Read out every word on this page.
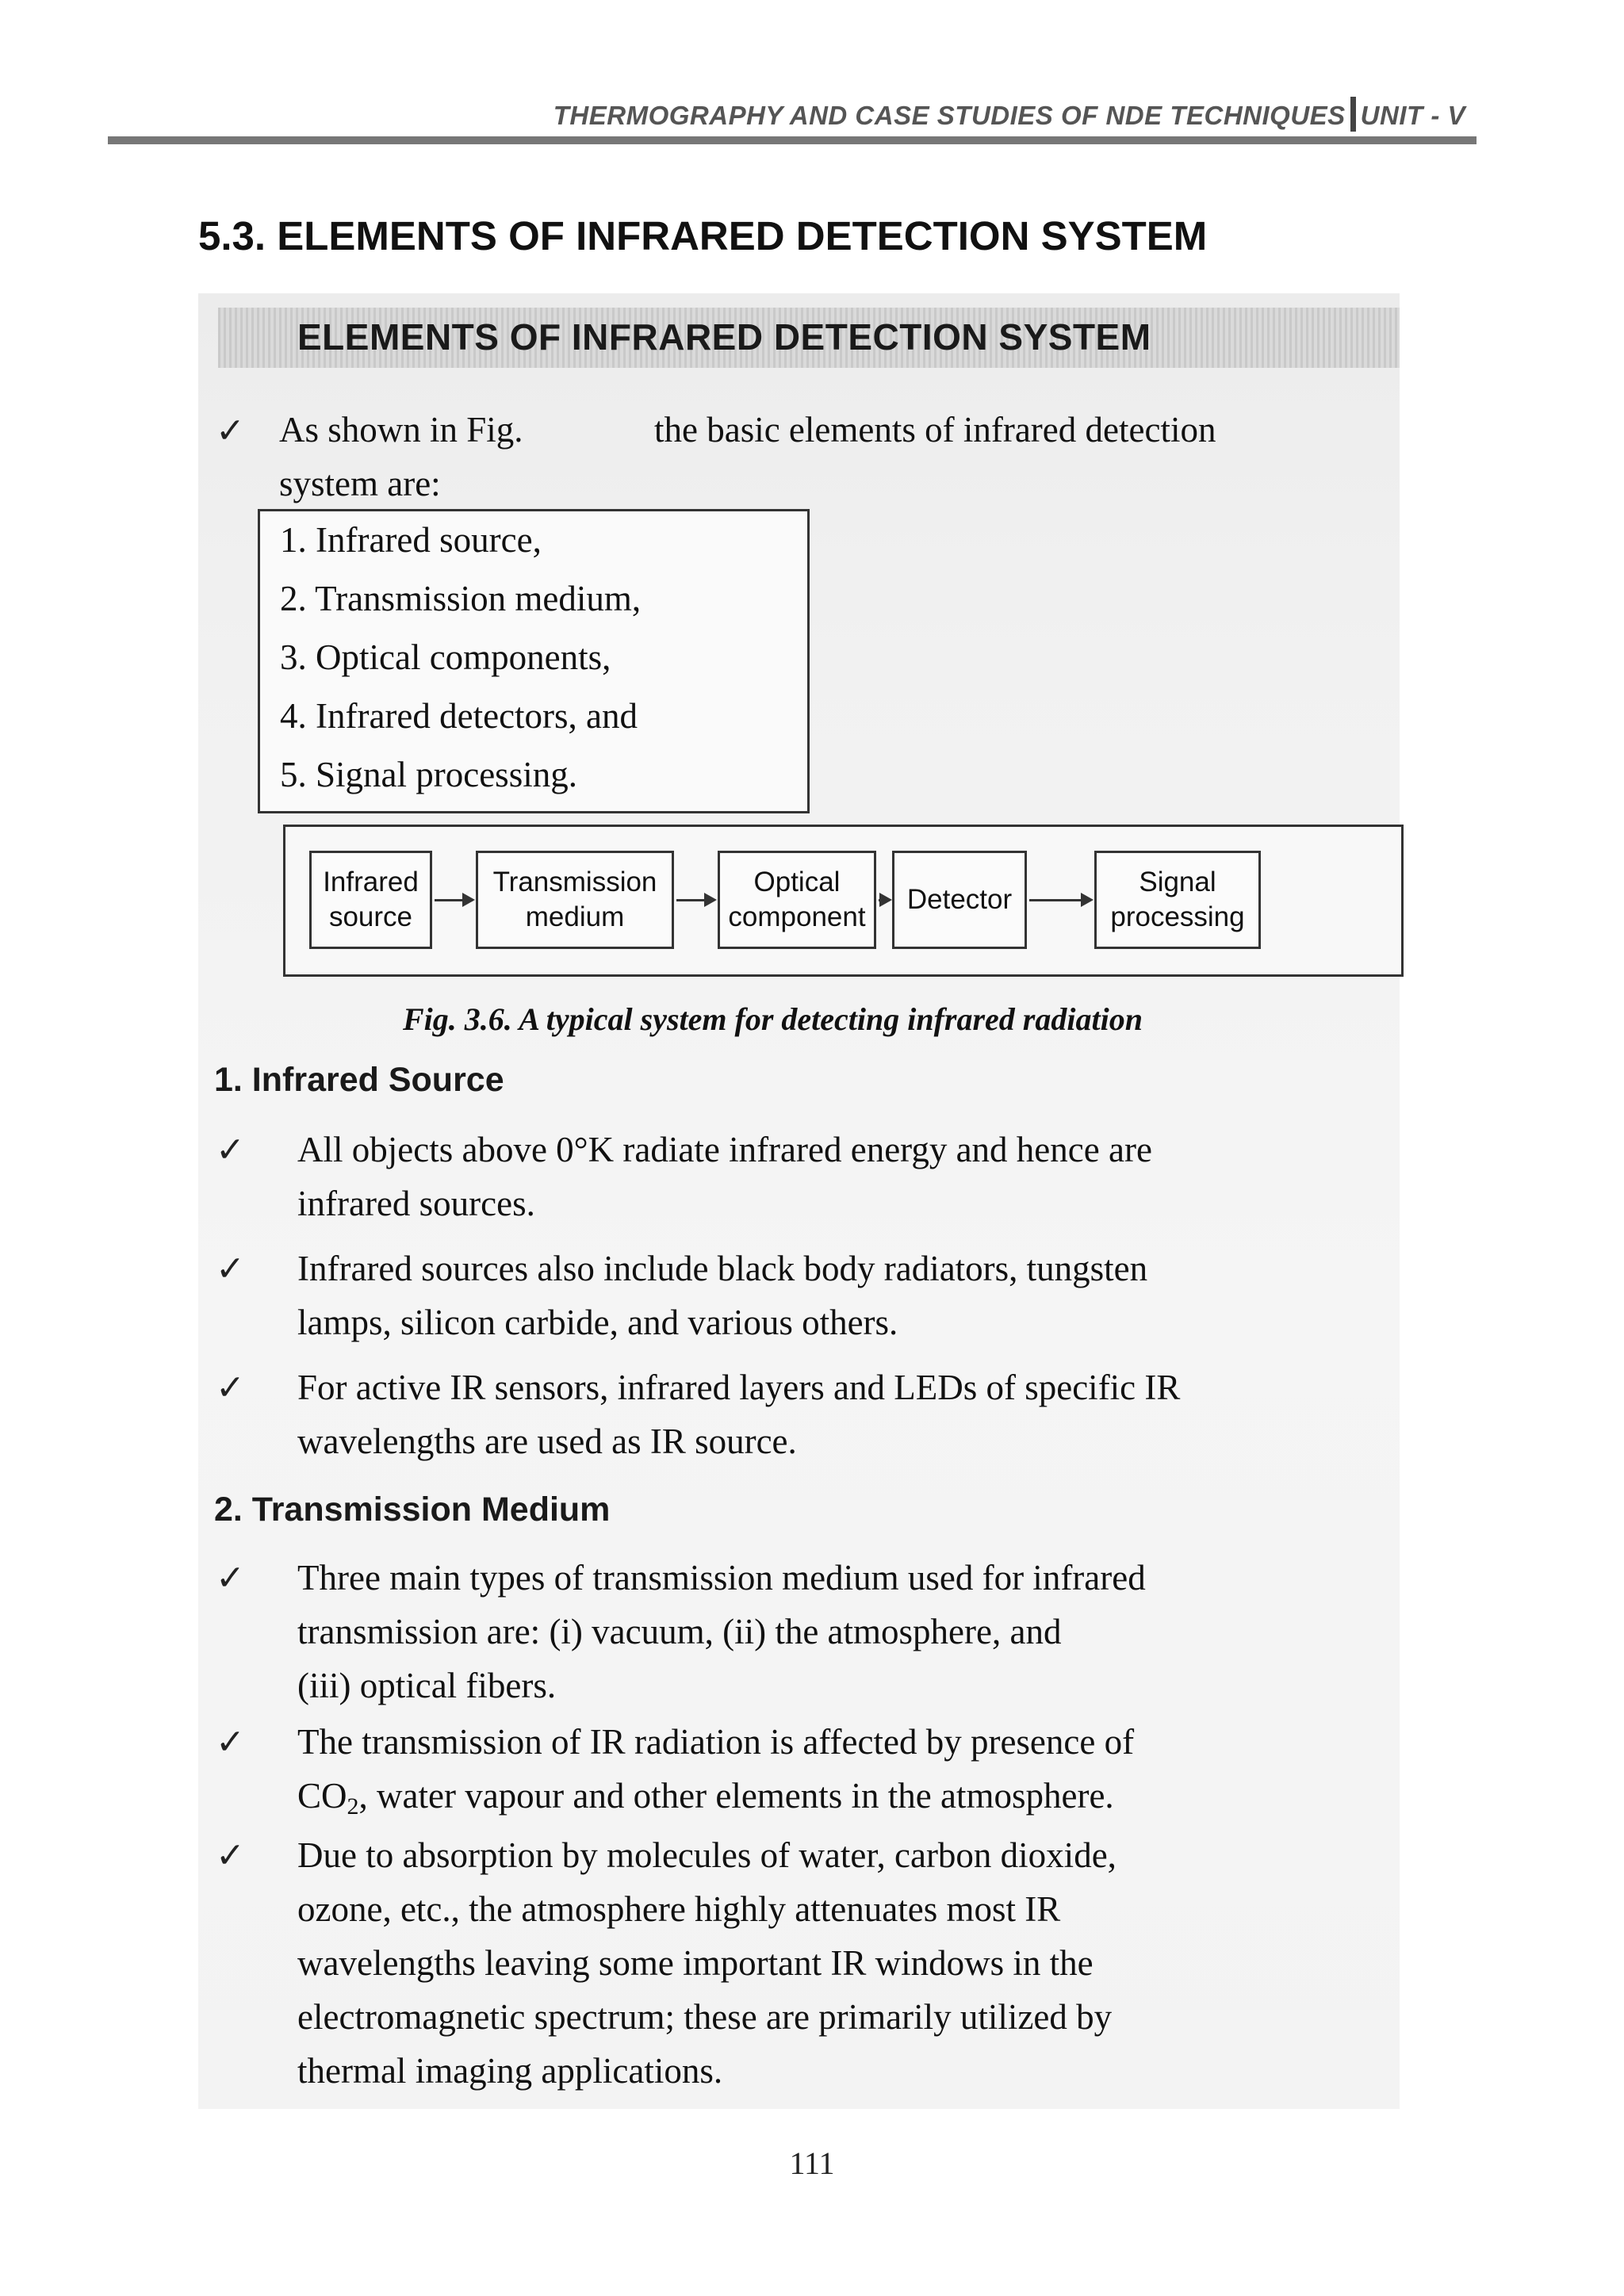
THERMOGRAPHY AND CASE STUDIES OF NDE TECHNIQUES UNIT - V
5.3. ELEMENTS OF INFRARED DETECTION SYSTEM
ELEMENTS OF INFRARED DETECTION SYSTEM
✓ As shown in Fig.	the basic elements of infrared detection
system are:
1. Infrared source,
2. Transmission medium,
3. Optical components,
4. Infrared detectors, and
5. Signal processing.
Infrared
source
Transmission
medium
Optical
component
Detector
Signal
processing
Fig. 3.6. A typical system for detecting infrared radiation
1. Infrared Source
✓ All objects above 0°K radiate infrared energy and hence are
infrared sources.
✓ Infrared sources also include black body radiators, tungsten
lamps, silicon carbide, and various others.
✓ For active IR sensors, infrared layers and LEDs of specific IR
wavelengths are used as IR source.
2. Transmission Medium
✓ Three main types of transmission medium used for infrared
transmission are: (i) vacuum, (ii) the atmosphere, and
(iii) optical fibers.
✓ The transmission of IR radiation is affected by presence of
$CO_2$, water vapour and other elements in the atmosphere.
✓ Due to absorption by molecules of water, carbon dioxide,
ozone, etc., the atmosphere highly attenuates most IR
wavelengths leaving some important IR windows in the
electromagnetic spectrum; these are primarily utilized by
thermal imaging applications.
111
